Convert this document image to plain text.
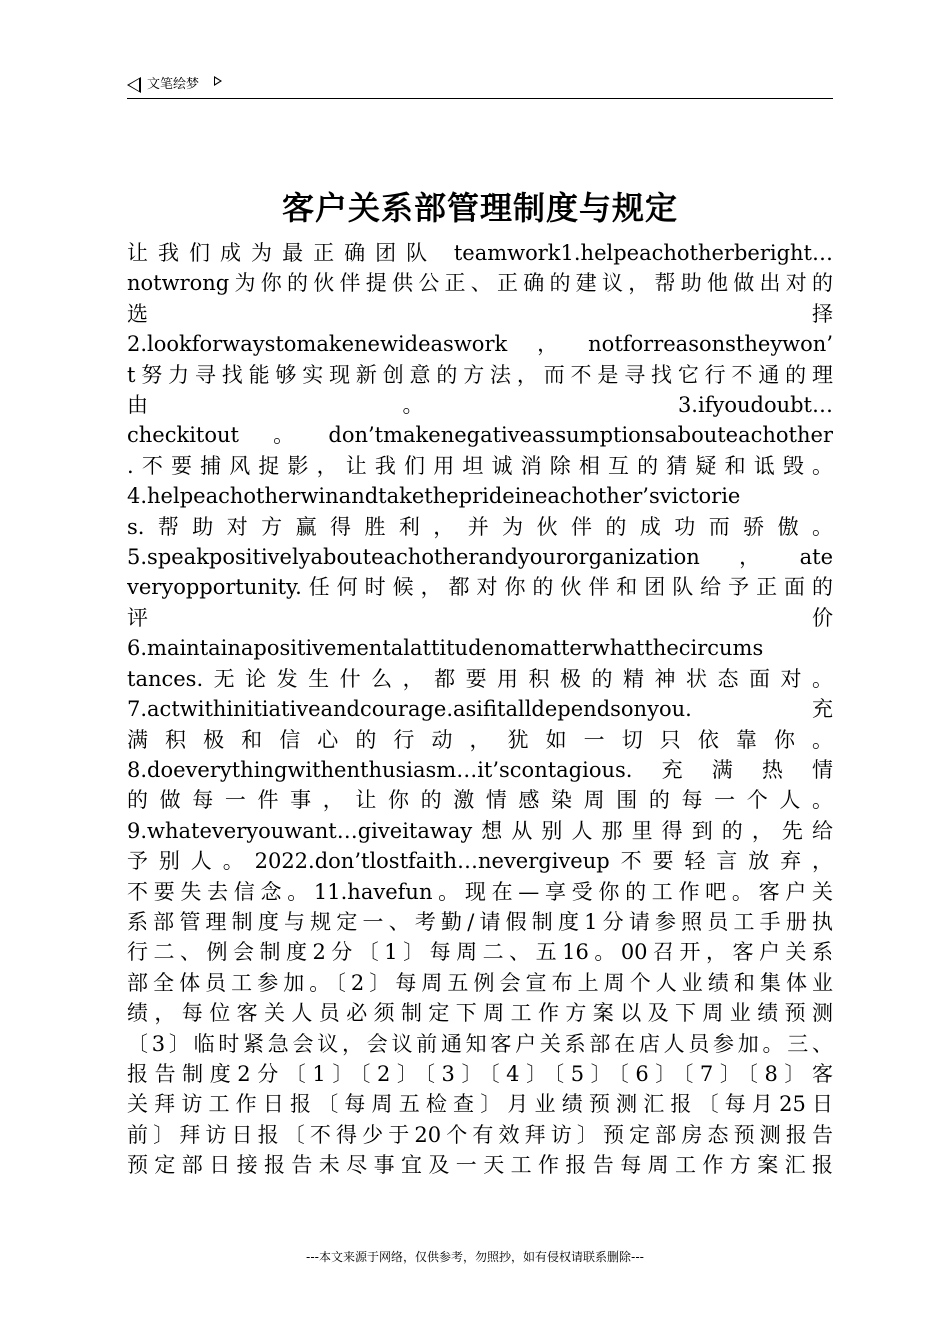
文笔绘梦
客户关系部管理制度与规定
让我们成为最正确团队 teamwork1.helpeachotherberight…
notwrong为你的伙伴提供公正、正确的建议，帮助他做出对的
选 择
2.lookforwaystomakenewideaswork，notforreasonstheywon’
t努力寻找能够实现新创意的方法，而不是寻找它行不通的理
由 。 3.ifyoudoubt…
checkitout。don’tmakenegativeassumptionsabouteachother
.不要捕风捉影，让我们用坦诚消除相互的猜疑和诋毁。
4.helpeachotherwinandtaketheprideineachother’svictorie
s.帮助对方赢得胜利，并为伙伴的成功而骄傲。
5.speakpositivelyabouteachotherandyourorganization，ate
veryopportunity.任何时候，都对你的伙伴和团队给予正面的
评 价
6.maintainapositivementalattitudenomatterwhatthecircums
tances.无论发生什么，都要用积极的精神状态面对。
7.actwithinitiativeandcourage.asifitalldependsonyou. 充
满积极和信心的行动，犹如一切只依靠你。
8.doeverythingwithenthusiasm…it’scontagious.充满热情
的做每一件事，让你的激情感染周围的每一个人。
9.whateveryouwant…giveitaway想从别人那里得到的，先给
予别人。2022.don’tlostfaith…nevergiveup不要轻言放弃，
不要失去信念。11.havefun。现在—享受你的工作吧。客户关
系部管理制度与规定一、考勤/请假制度1分请参照员工手册执
行二、例会制度2分〔1〕每周二、五16。00召开，客户关系
部全体员工参加。〔2〕每周五例会宣布上周个人业绩和集体业
绩，每位客关人员必须制定下周工作方案以及下周业绩预测
〔3〕临时紧急会议，会议前通知客户关系部在店人员参加。三、
报告制度2分〔1〕〔2〕〔3〕〔4〕〔5〕〔6〕〔7〕〔8〕客
关拜访工作日报〔每周五检查〕月业绩预测汇报〔每月25日
前〕拜访日报〔不得少于20个有效拜访〕预定部房态预测报告
预定部日接报告未尽事宜及一天工作报告每周工作方案汇报
---本文来源于网络，仅供参考，勿照抄，如有侵权请联系删除---
